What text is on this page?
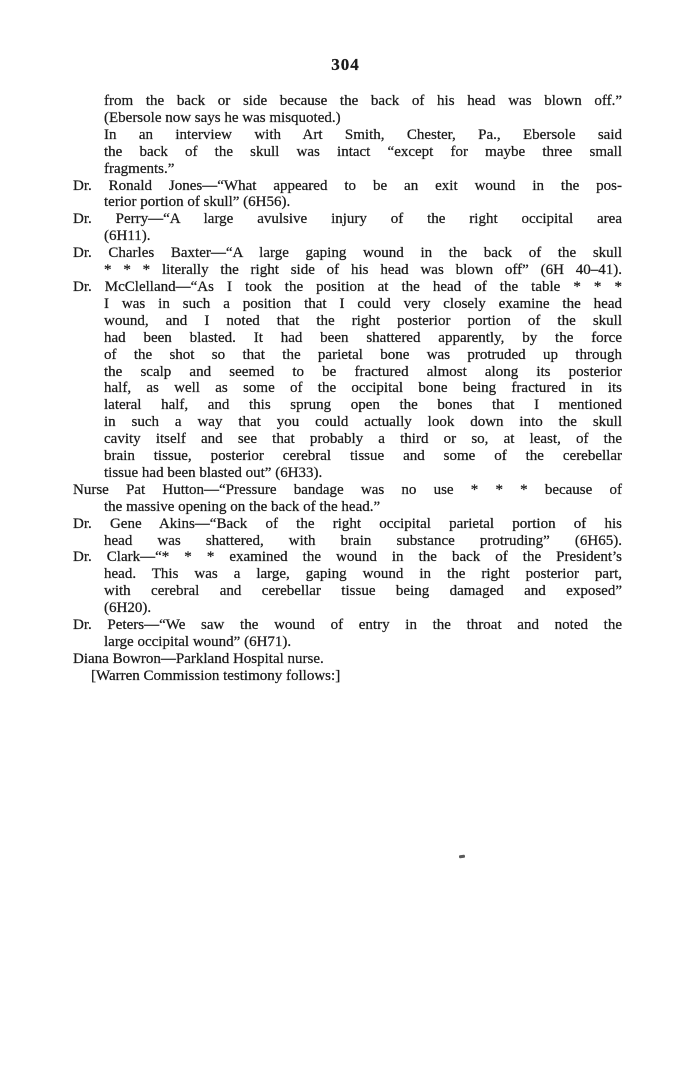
304
from the back or side because the back of his head was blown off.”
(Ebersole now says he was misquoted.)
In an interview with Art Smith, Chester, Pa., Ebersole said
the back of the skull was intact “except for maybe three small
fragments.”
Dr. Ronald Jones—“What appeared to be an exit wound in the pos-
terior portion of skull” (6H56).
Dr. Perry—“A large avulsive injury of the right occipital area
(6H11).
Dr. Charles Baxter—“A large gaping wound in the back of the skull
* * * literally the right side of his head was blown off” (6H 40–41).
Dr. McClelland—“As I took the position at the head of the table * * *
I was in such a position that I could very closely examine the head
wound, and I noted that the right posterior portion of the skull
had been blasted. It had been shattered apparently, by the force
of the shot so that the parietal bone was protruded up through
the scalp and seemed to be fractured almost along its posterior
half, as well as some of the occipital bone being fractured in its
lateral half, and this sprung open the bones that I mentioned
in such a way that you could actually look down into the skull
cavity itself and see that probably a third or so, at least, of the
brain tissue, posterior cerebral tissue and some of the cerebellar
tissue had been blasted out” (6H33).
Nurse Pat Hutton—“Pressure bandage was no use * * * because of
the massive opening on the back of the head.”
Dr. Gene Akins—“Back of the right occipital parietal portion of his
head was shattered, with brain substance protruding” (6H65).
Dr. Clark—“* * * examined the wound in the back of the President’s
head. This was a large, gaping wound in the right posterior part,
with cerebral and cerebellar tissue being damaged and exposed”
(6H20).
Dr. Peters—“We saw the wound of entry in the throat and noted the
large occipital wound” (6H71).
Diana Bowron—Parkland Hospital nurse.
[Warren Commission testimony follows:]
